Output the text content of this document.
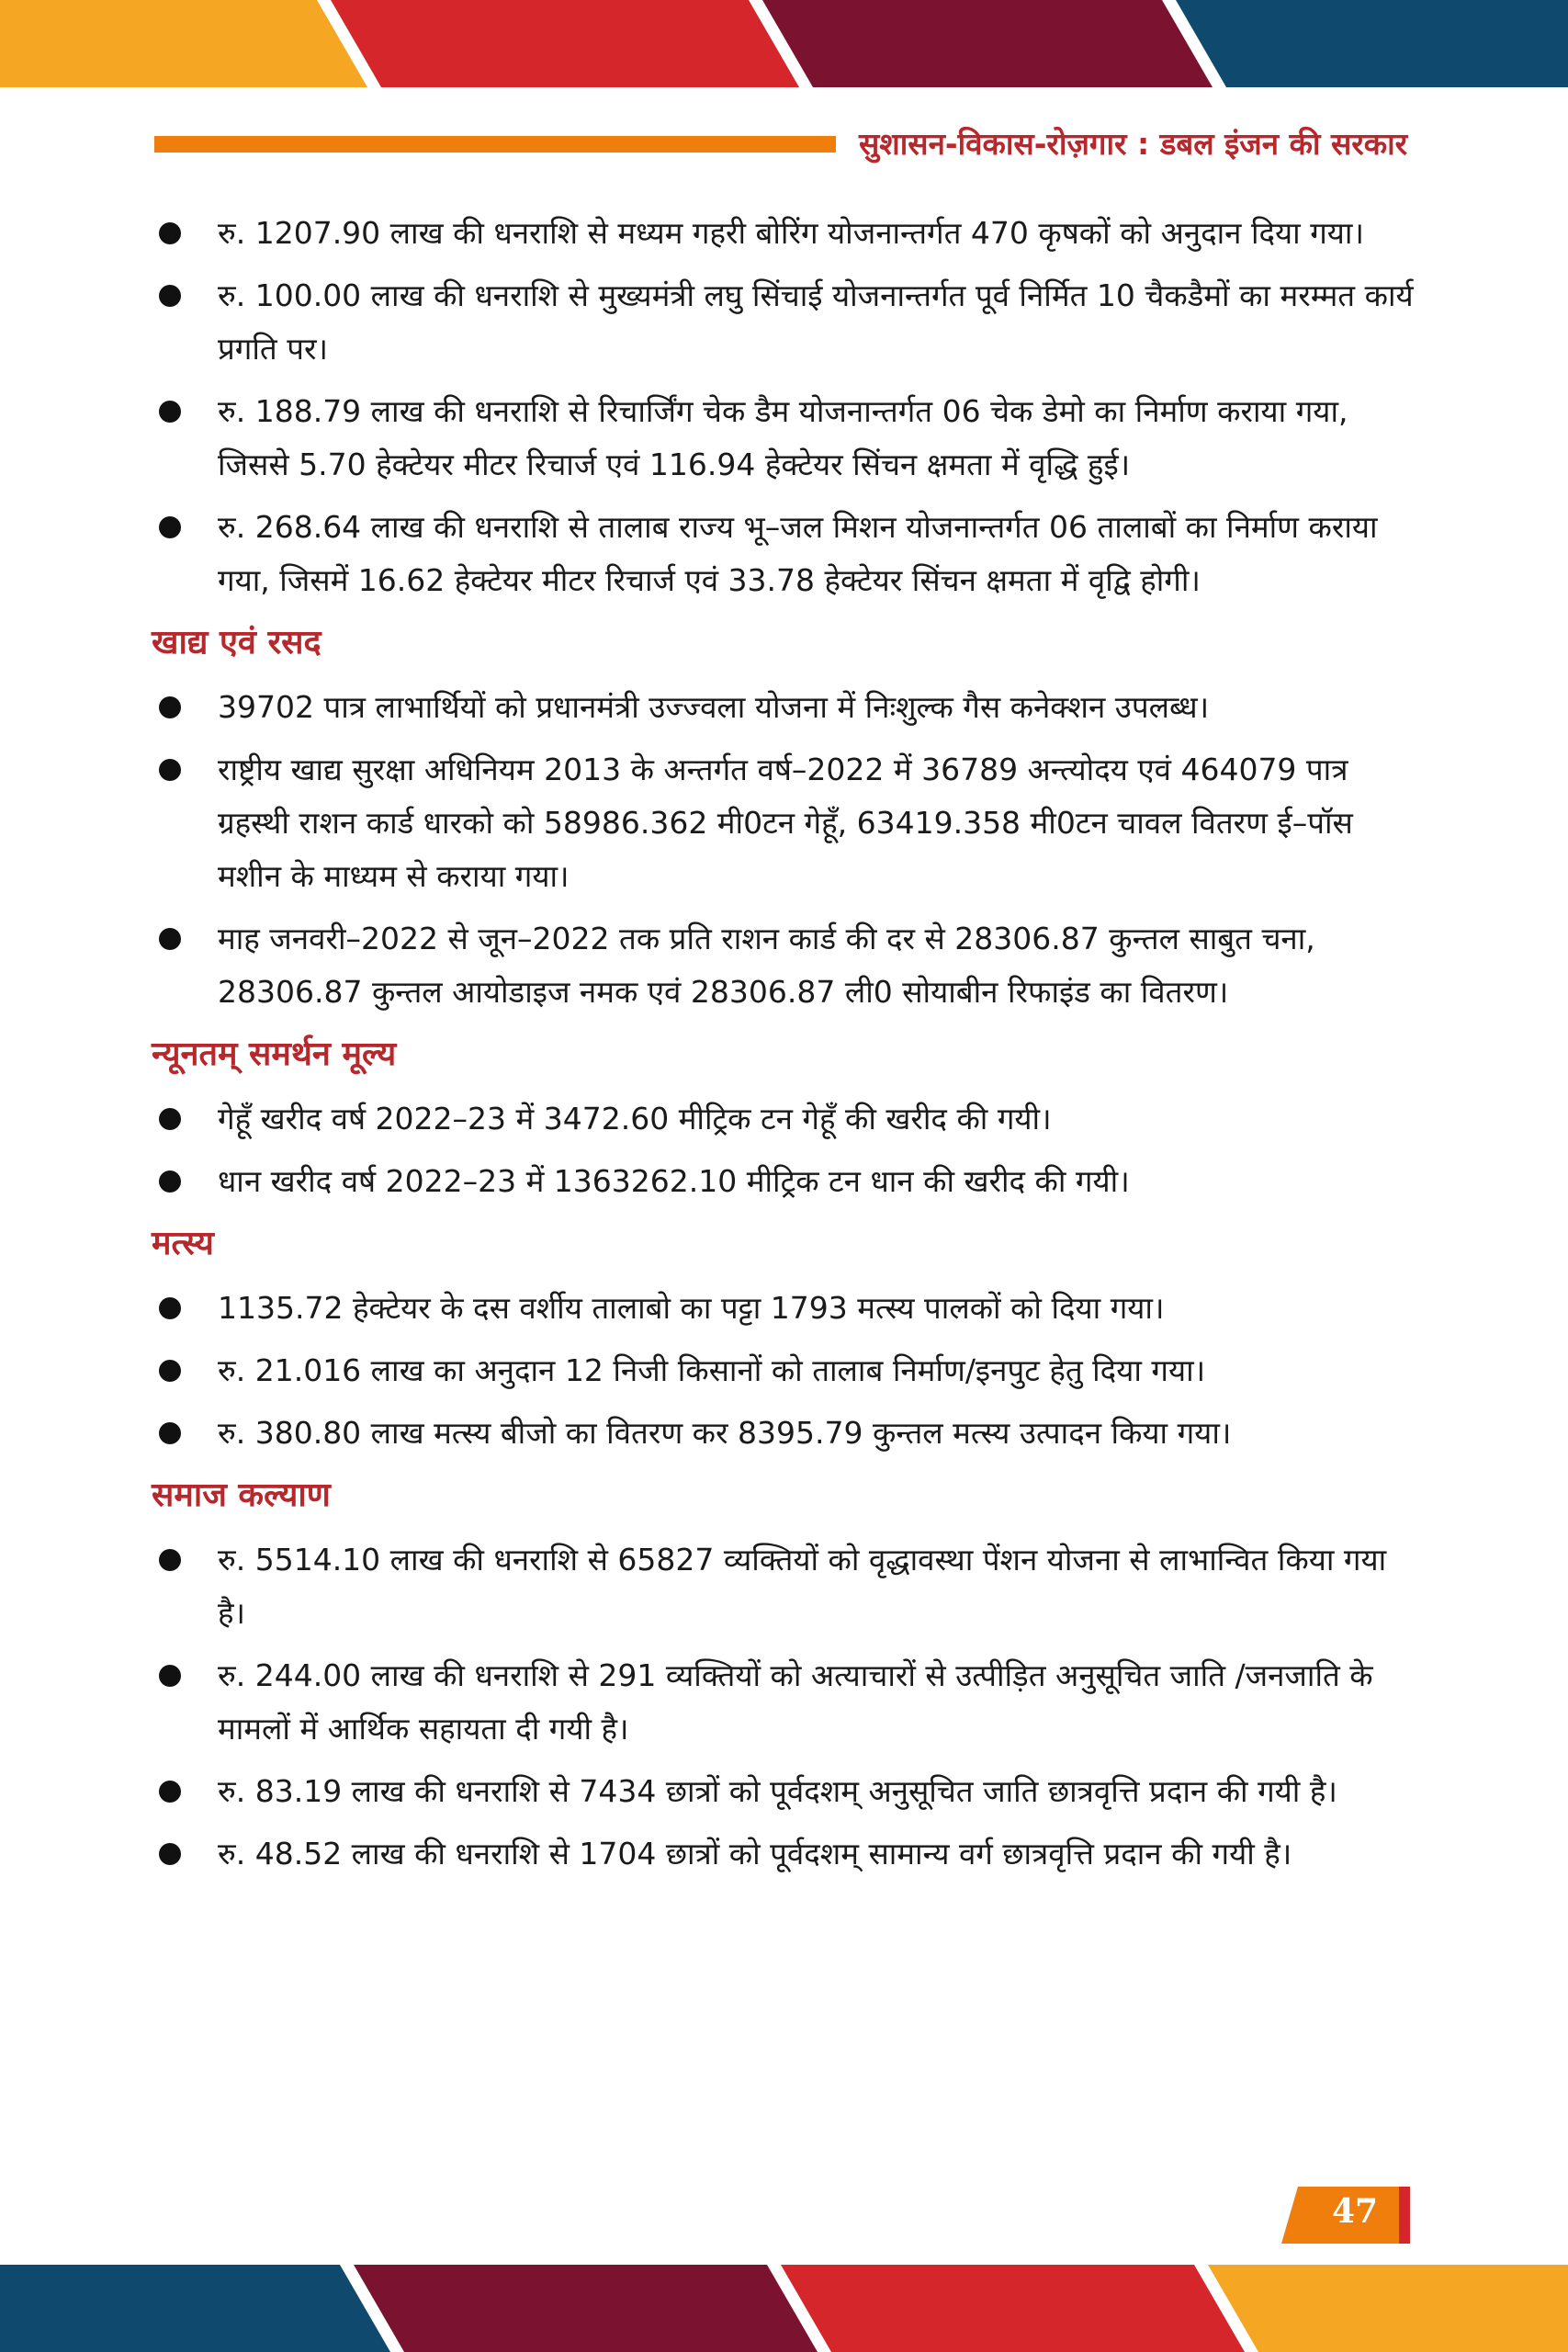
सुशासन-विकास-रोज़गार : डबल इंजन की सरकार
रु. 1207.90 लाख की धनराशि से मध्यम गहरी बोरिंग योजनान्तर्गत 470 कृषकों को अनुदान दिया गया।
रु. 100.00 लाख की धनराशि से मुख्यमंत्री लघु सिंचाई योजनान्तर्गत पूर्व निर्मित 10 चैकडैमों का मरम्मत कार्य प्रगति पर।
रु. 188.79 लाख की धनराशि से रिचार्जिंग चेक डैम योजनान्तर्गत 06 चेक डेमो का निर्माण कराया गया, जिससे 5.70 हेक्टेयर मीटर रिचार्ज एवं 116.94 हेक्टेयर सिंचन क्षमता में वृद्धि हुई।
रु. 268.64 लाख की धनराशि से तालाब राज्य भू–जल मिशन योजनान्तर्गत 06 तालाबों का निर्माण कराया गया, जिसमें 16.62 हेक्टेयर मीटर रिचार्ज एवं 33.78 हेक्टेयर सिंचन क्षमता में वृद्वि होगी।
खाद्य एवं रसद
39702 पात्र लाभार्थियों को प्रधानमंत्री उज्ज्वला योजना में निःशुल्क गैस कनेक्शन उपलब्ध।
राष्ट्रीय खाद्य सुरक्षा अधिनियम 2013 के अन्तर्गत वर्ष–2022 में 36789 अन्त्योदय एवं 464079 पात्र ग्रहस्थी राशन कार्ड धारको को 58986.362 मी0टन गेहूँ, 63419.358 मी0टन चावल वितरण ई–पॉस मशीन के माध्यम से कराया गया।
माह जनवरी–2022 से जून–2022 तक प्रति राशन कार्ड की दर से 28306.87 कुन्तल साबुत चना, 28306.87 कुन्तल आयोडाइज नमक एवं 28306.87 ली0 सोयाबीन रिफाइंड का वितरण।
न्यूनतम् समर्थन मूल्य
गेहूँ खरीद वर्ष 2022–23 में 3472.60 मीट्रिक टन गेहूँ की खरीद की गयी।
धान खरीद वर्ष 2022–23 में 1363262.10 मीट्रिक टन धान की खरीद की गयी।
मत्स्य
1135.72 हेक्टेयर के दस वर्शीय तालाबो का पट्टा 1793 मत्स्य पालकों को दिया गया।
रु. 21.016 लाख का अनुदान 12 निजी किसानों को तालाब निर्माण/इनपुट हेतु दिया गया।
रु. 380.80 लाख मत्स्य बीजो का वितरण कर 8395.79 कुन्तल मत्स्य उत्पादन किया गया।
समाज कल्याण
रु. 5514.10 लाख की धनराशि से 65827 व्यक्तियों को वृद्धावस्था पेंशन योजना से लाभान्वित किया गया है।
रु. 244.00 लाख की धनराशि से 291 व्यक्तियों को अत्याचारों से उत्पीड़ित अनुसूचित जाति /जनजाति के मामलों में आर्थिक सहायता दी गयी है।
रु. 83.19 लाख की धनराशि से 7434 छात्रों को पूर्वदशम् अनुसूचित जाति छात्रवृत्ति प्रदान की गयी है।
रु. 48.52 लाख की धनराशि से 1704 छात्रों को पूर्वदशम् सामान्य वर्ग छात्रवृत्ति प्रदान की गयी है।
47
